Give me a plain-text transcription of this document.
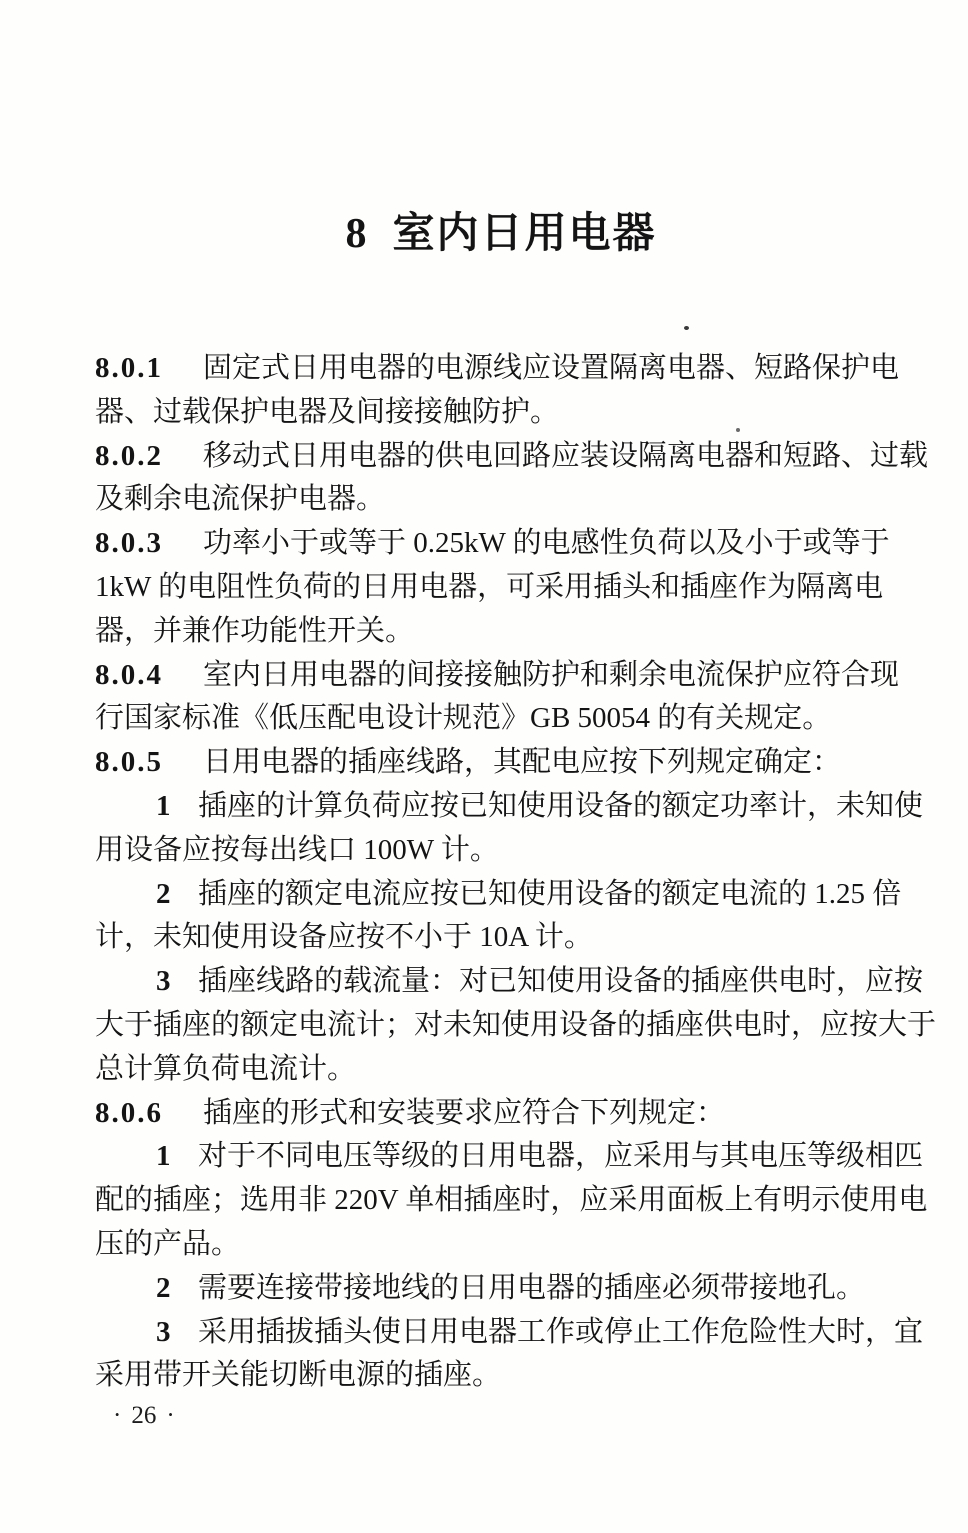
8 室内日用电器
8.0.1 固定式日用电器的电源线应设置隔离电器、短路保护电
器、过载保护电器及间接接触防护。
8.0.2 移动式日用电器的供电回路应装设隔离电器和短路、过载
及剩余电流保护电器。
8.0.3 功率小于或等于 0.25kW 的电感性负荷以及小于或等于
1kW 的电阻性负荷的日用电器，可采用插头和插座作为隔离电
器，并兼作功能性开关。
8.0.4 室内日用电器的间接接触防护和剩余电流保护应符合现
行国家标准《低压配电设计规范》GB 50054 的有关规定。
8.0.5 日用电器的插座线路，其配电应按下列规定确定：
1 插座的计算负荷应按已知使用设备的额定功率计，未知使
用设备应按每出线口 100W 计。
2 插座的额定电流应按已知使用设备的额定电流的 1.25 倍
计，未知使用设备应按不小于 10A 计。
3 插座线路的载流量：对已知使用设备的插座供电时，应按
大于插座的额定电流计；对未知使用设备的插座供电时，应按大于
总计算负荷电流计。
8.0.6 插座的形式和安装要求应符合下列规定：
1 对于不同电压等级的日用电器，应采用与其电压等级相匹
配的插座；选用非 220V 单相插座时，应采用面板上有明示使用电
压的产品。
2 需要连接带接地线的日用电器的插座必须带接地孔。
3 采用插拔插头使日用电器工作或停止工作危险性大时，宜
采用带开关能切断电源的插座。
· 26 ·
